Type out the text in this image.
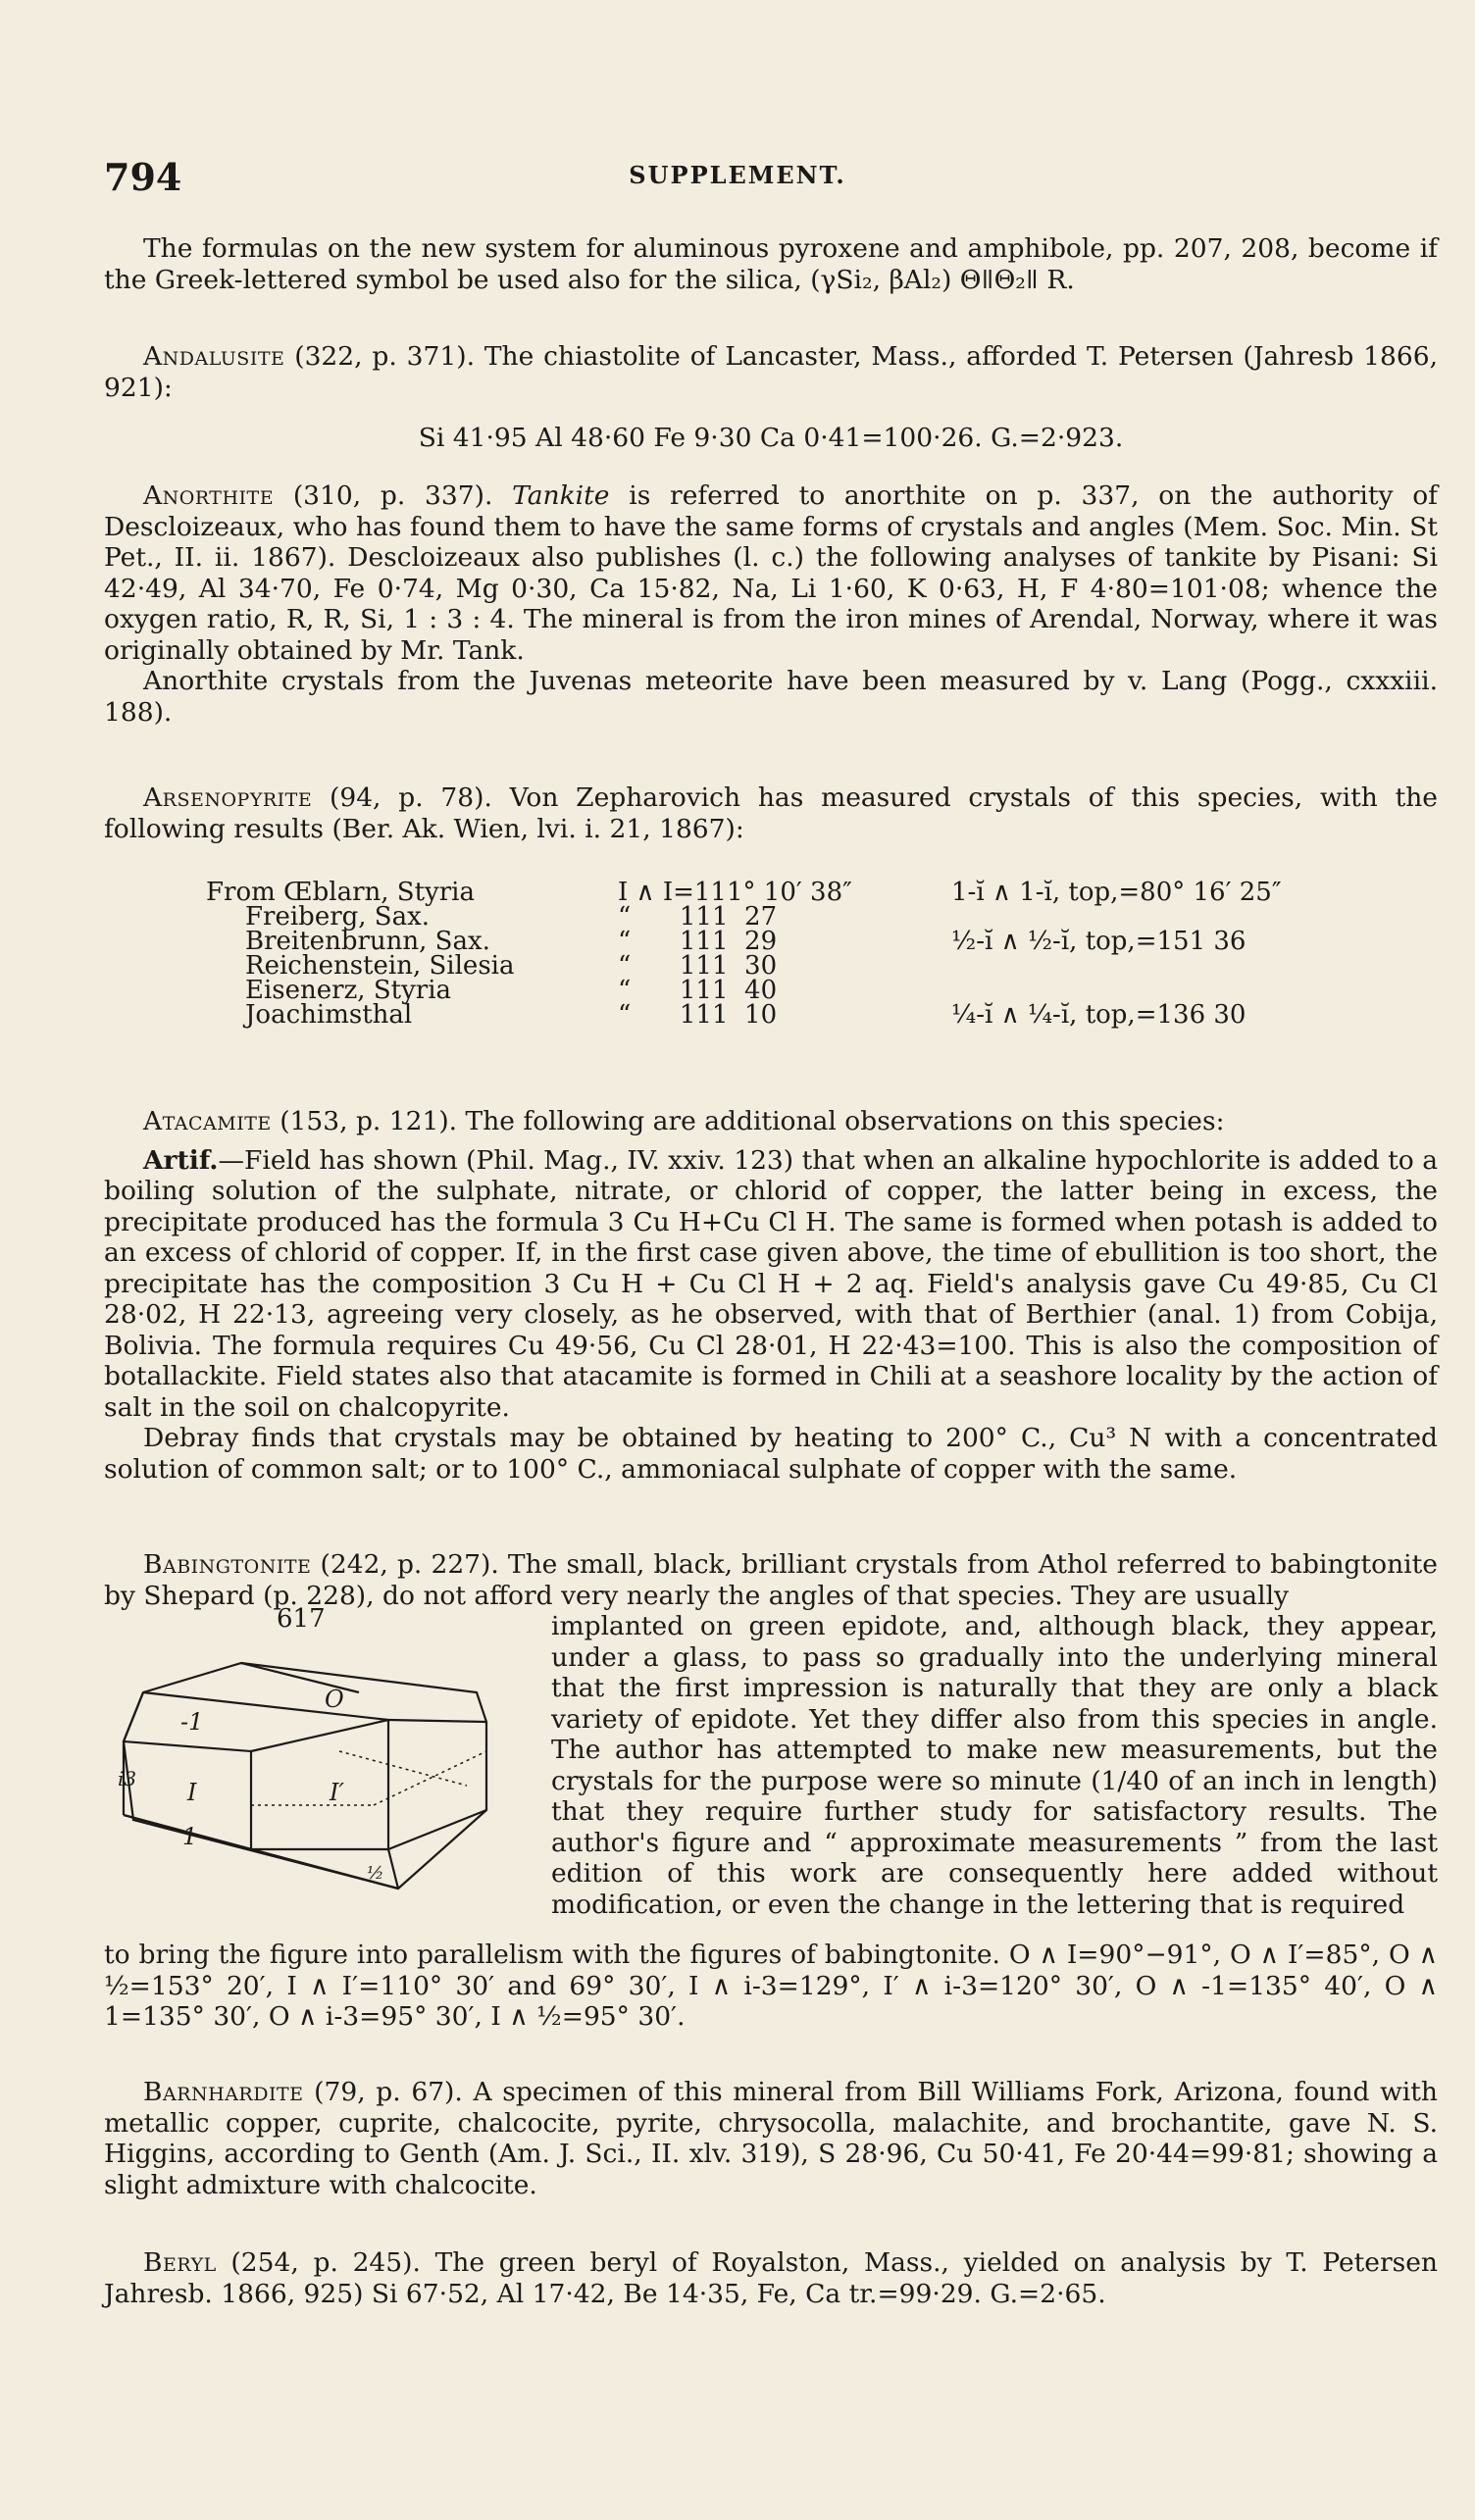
794	SUPPLEMENT.

The formulas on the new system for aluminous pyroxene and amphibole, pp. 207, 208, become if the Greek-lettered symbol be used also for the silica, (γSi₂, βAl₂) ΘǁΘ₂ǁ R.

Andalusite (322, p. 371). The chiastolite of Lancaster, Mass., afforded T. Petersen (Jahresb 1866, 921):

Si 41·95 Al 48·60 Fe 9·30 Ca 0·41=100·26. G.=2·923.

Anorthite (310, p. 337). Tankite is referred to anorthite on p. 337, on the authority of Descloizeaux, who has found them to have the same forms of crystals and angles (Mem. Soc. Min. St Pet., II. ii. 1867). Descloizeaux also publishes (l. c.) the following analyses of tankite by Pisani: Si 42·49, Al 34·70, Fe 0·74, Mg 0·30, Ca 15·82, Na, Li 1·60, K 0·63, H, F 4·80=101·08; whence the oxygen ratio, R, R, Si, 1 : 3 : 4. The mineral is from the iron mines of Arendal, Norway, where it was originally obtained by Mr. Tank.

Anorthite crystals from the Juvenas meteorite have been measured by v. Lang (Pogg., cxxxiii. 188).

Arsenopyrite (94, p. 78). Von Zepharovich has measured crystals of this species, with the following results (Ber. Ak. Wien, lvi. i. 21, 1867):

From Œblarn, Styria	I ∧ I=111° 10′ 38″	1-ĭ ∧ 1-ĭ, top,=80° 16′ 25″
Freiberg, Sax.	“      111  27	
Breitenbrunn, Sax.	“      111  29	½-ĭ ∧ ½-ĭ, top,=151 36
Reichenstein, Silesia	“      111  30	
Eisenerz, Styria	“      111  40	
Joachimsthal	“      111  10	¼-ĭ ∧ ¼-ĭ, top,=136 30

Atacamite (153, p. 121). The following are additional observations on this species:

Artif.—Field has shown (Phil. Mag., IV. xxiv. 123) that when an alkaline hypochlorite is added to a boiling solution of the sulphate, nitrate, or chlorid of copper, the latter being in excess, the precipitate produced has the formula 3 Cu H+Cu Cl H. The same is formed when potash is added to an excess of chlorid of copper. If, in the first case given above, the time of ebullition is too short, the precipitate has the composition 3 Cu H + Cu Cl H + 2 aq. Field's analysis gave Cu 49·85, Cu Cl 28·02, H 22·13, agreeing very closely, as he observed, with that of Berthier (anal. 1) from Cobija, Bolivia. The formula requires Cu 49·56, Cu Cl 28·01, H 22·43=100. This is also the composition of botallackite. Field states also that atacamite is formed in Chili at a seashore locality by the action of salt in the soil on chalcopyrite.

Debray finds that crystals may be obtained by heating to 200° C., Cu³ N with a concentrated solution of common salt; or to 100° C., ammoniacal sulphate of copper with the same.

Babingtonite (242, p. 227). The small, black, brilliant crystals from Athol referred to babingtonite by Shepard (p. 228), do not afford very nearly the angles of that species. They are usually

617
O
-1
i3 I	I′
1
½

implanted on green epidote, and, although black, they appear, under a glass, to pass so gradually into the underlying mineral that the first impression is naturally that they are only a black variety of epidote. Yet they differ also from this species in angle. The author has attempted to make new measurements, but the crystals for the purpose were so minute (1/40 of an inch in length) that they require further study for satisfactory results. The author's figure and “ approximate measurements ” from the last edition of this work are consequently here added without modification, or even the change in the lettering that is required

to bring the figure into parallelism with the figures of babingtonite. O ∧ I=90°−91°, O ∧ I′=85°, O ∧ ½=153° 20′, I ∧ I′=110° 30′ and 69° 30′, I ∧ i-3=129°, I′ ∧ i-3=120° 30′, O ∧ -1=135° 40′, O ∧ 1=135° 30′, O ∧ i-3=95° 30′, I ∧ ½=95° 30′.

Barnhardite (79, p. 67). A specimen of this mineral from Bill Williams Fork, Arizona, found with metallic copper, cuprite, chalcocite, pyrite, chrysocolla, malachite, and brochantite, gave N. S. Higgins, according to Genth (Am. J. Sci., II. xlv. 319), S 28·96, Cu 50·41, Fe 20·44=99·81; showing a slight admixture with chalcocite.

Beryl (254, p. 245). The green beryl of Royalston, Mass., yielded on analysis by T. Petersen Jahresb. 1866, 925) Si 67·52, Al 17·42, Be 14·35, Fe, Ca tr.=99·29. G.=2·65.
